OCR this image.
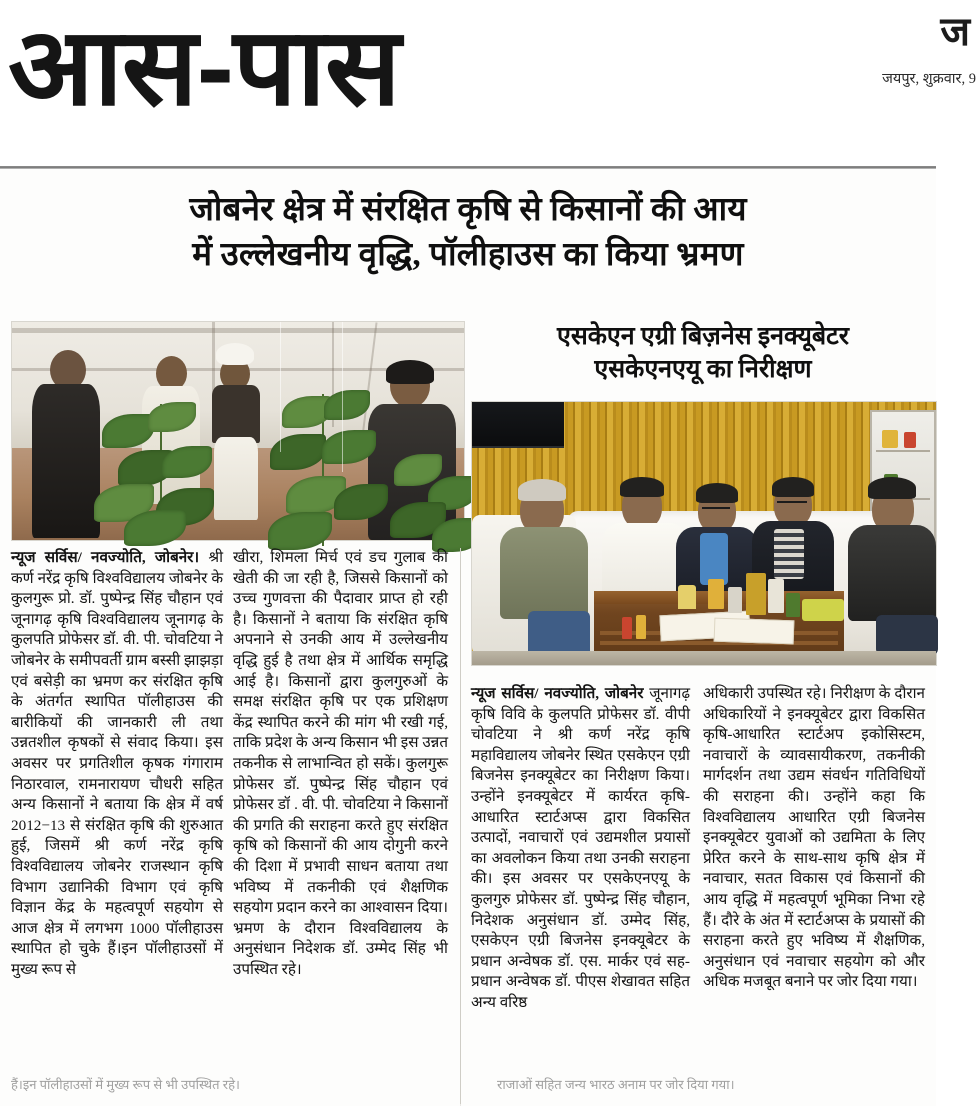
आस-पास	ज
जयपुर, शुक्रवार, 9
जोबनेर क्षेत्र में संरक्षित कृषि से किसानों की आय
में उल्लेखनीय वृद्धि, पॉलीहाउस का किया भ्रमण
एसकेएन एग्री बिज़नेस इनक्यूबेटर
एसकेएनएयू का निरीक्षण

न्यूज सर्विस/ नवज्योति, जोबनेर। श्री कर्ण नरेंद्र कृषि विश्वविद्यालय जोबनेर के कुलगुरू प्रो. डॉ. पुष्पेन्द्र सिंह चौहान एवं जूनागढ़ कृषि विश्वविद्यालय जूनागढ़ के कुलपति प्रोफेसर डॉ. वी. पी. चोवटिया ने जोबनेर के समीपवर्ती ग्राम बस्सी झाझड़ा एवं बसेड़ी का भ्रमण कर संरक्षित कृषि के अंतर्गत स्थापित पॉलीहाउस की बारीकियों की जानकारी ली तथा उन्नतशील कृषकों से संवाद किया। इस अवसर पर प्रगतिशील कृषक गंगाराम निठारवाल, रामनारायण चौधरी सहित अन्य किसानों ने बताया कि क्षेत्र में वर्ष 2012−13 से संरक्षित कृषि की शुरुआत हुई, जिसमें श्री कर्ण नरेंद्र कृषि विश्वविद्यालय जोबनेर राजस्थान कृषि विभाग उद्यानिकी विभाग एवं कृषि विज्ञान केंद्र के महत्वपूर्ण सहयोग से आज क्षेत्र में लगभग 1000 पॉलीहाउस स्थापित हो चुके हैं।इन पॉलीहाउसों में मुख्य रूप से

खीरा, शिमला मिर्च एवं डच गुलाब की खेती की जा रही है, जिससे किसानों को उच्च गुणवत्ता की पैदावार प्राप्त हो रही है। किसानों ने बताया कि संरक्षित कृषि अपनाने से उनकी आय में उल्लेखनीय वृद्धि हुई है तथा क्षेत्र में आर्थिक समृद्धि आई है। किसानों द्वारा कुलगुरुओं के समक्ष संरक्षित कृषि पर एक प्रशिक्षण केंद्र स्थापित करने की मांग भी रखी गई, ताकि प्रदेश के अन्य किसान भी इस उन्नत तकनीक से लाभान्वित हो सकें। कुलगुरू प्रोफेसर डॉ. पुष्पेन्द्र सिंह चौहान एवं प्रोफेसर डॉ . वी. पी. चोवटिया ने किसानों की प्रगति की सराहना करते हुए संरक्षित कृषि को किसानों की आय दोगुनी करने की दिशा में प्रभावी साधन बताया तथा भविष्य में तकनीकी एवं शैक्षणिक सहयोग प्रदान करने का आश्वासन दिया। भ्रमण के दौरान विश्वविद्यालय के अनुसंधान निदेशक डॉ. उम्मेद सिंह भी उपस्थित रहे।

न्यूज सर्विस/ नवज्योति, जोबनेर जूनागढ़ कृषि विवि के कुलपति प्रोफेसर डॉ. वीपी चोवटिया ने श्री कर्ण नरेंद्र कृषि महाविद्यालय जोबनेर स्थित एसकेएन एग्री बिजनेस इनक्यूबेटर का निरीक्षण किया।उन्होंने इनक्यूबेटर में कार्यरत कृषि-आधारित स्टार्टअप्स द्वारा विकसित उत्पादों, नवाचारों एवं उद्यमशील प्रयासों का अवलोकन किया तथा उनकी सराहना की। इस अवसर पर एसकेएनएयू के कुलगुरु प्रोफेसर डॉ. पुष्पेन्द्र सिंह चौहान, निदेशक अनुसंधान डॉ. उम्मेद सिंह, एसकेएन एग्री बिजनेस इनक्यूबेटर के प्रधान अन्वेषक डॉ. एस. मार्कर एवं सह-प्रधान अन्वेषक डॉ. पीएस शेखावत सहित अन्य वरिष्ठ

अधिकारी उपस्थित रहे। निरीक्षण के दौरान अधिकारियों ने इनक्यूबेटर द्वारा विकसित कृषि-आधारित स्टार्टअप इकोसिस्टम, नवाचारों के व्यावसायीकरण, तकनीकी मार्गदर्शन तथा उद्यम संवर्धन गतिविधियों की सराहना की। उन्होंने कहा कि विश्वविद्यालय आधारित एग्री बिजनेस इनक्यूबेटर युवाओं को उद्यमिता के लिए प्रेरित करने के साथ-साथ कृषि क्षेत्र में नवाचार, सतत विकास एवं किसानों की आय वृद्धि में महत्वपूर्ण भूमिका निभा रहे हैं। दौरे के अंत में स्टार्टअप्स के प्रयासों की सराहना करते हुए भविष्य में शैक्षणिक, अनुसंधान एवं नवाचार सहयोग को और अधिक मजबूत बनाने पर जोर दिया गया।

हैं।इन पॉलीहाउसों में मुख्य रूप से भी उपस्थित रहे।	राजाओं सहित जन्य भारठ अनाम पर जोर दिया गया।
